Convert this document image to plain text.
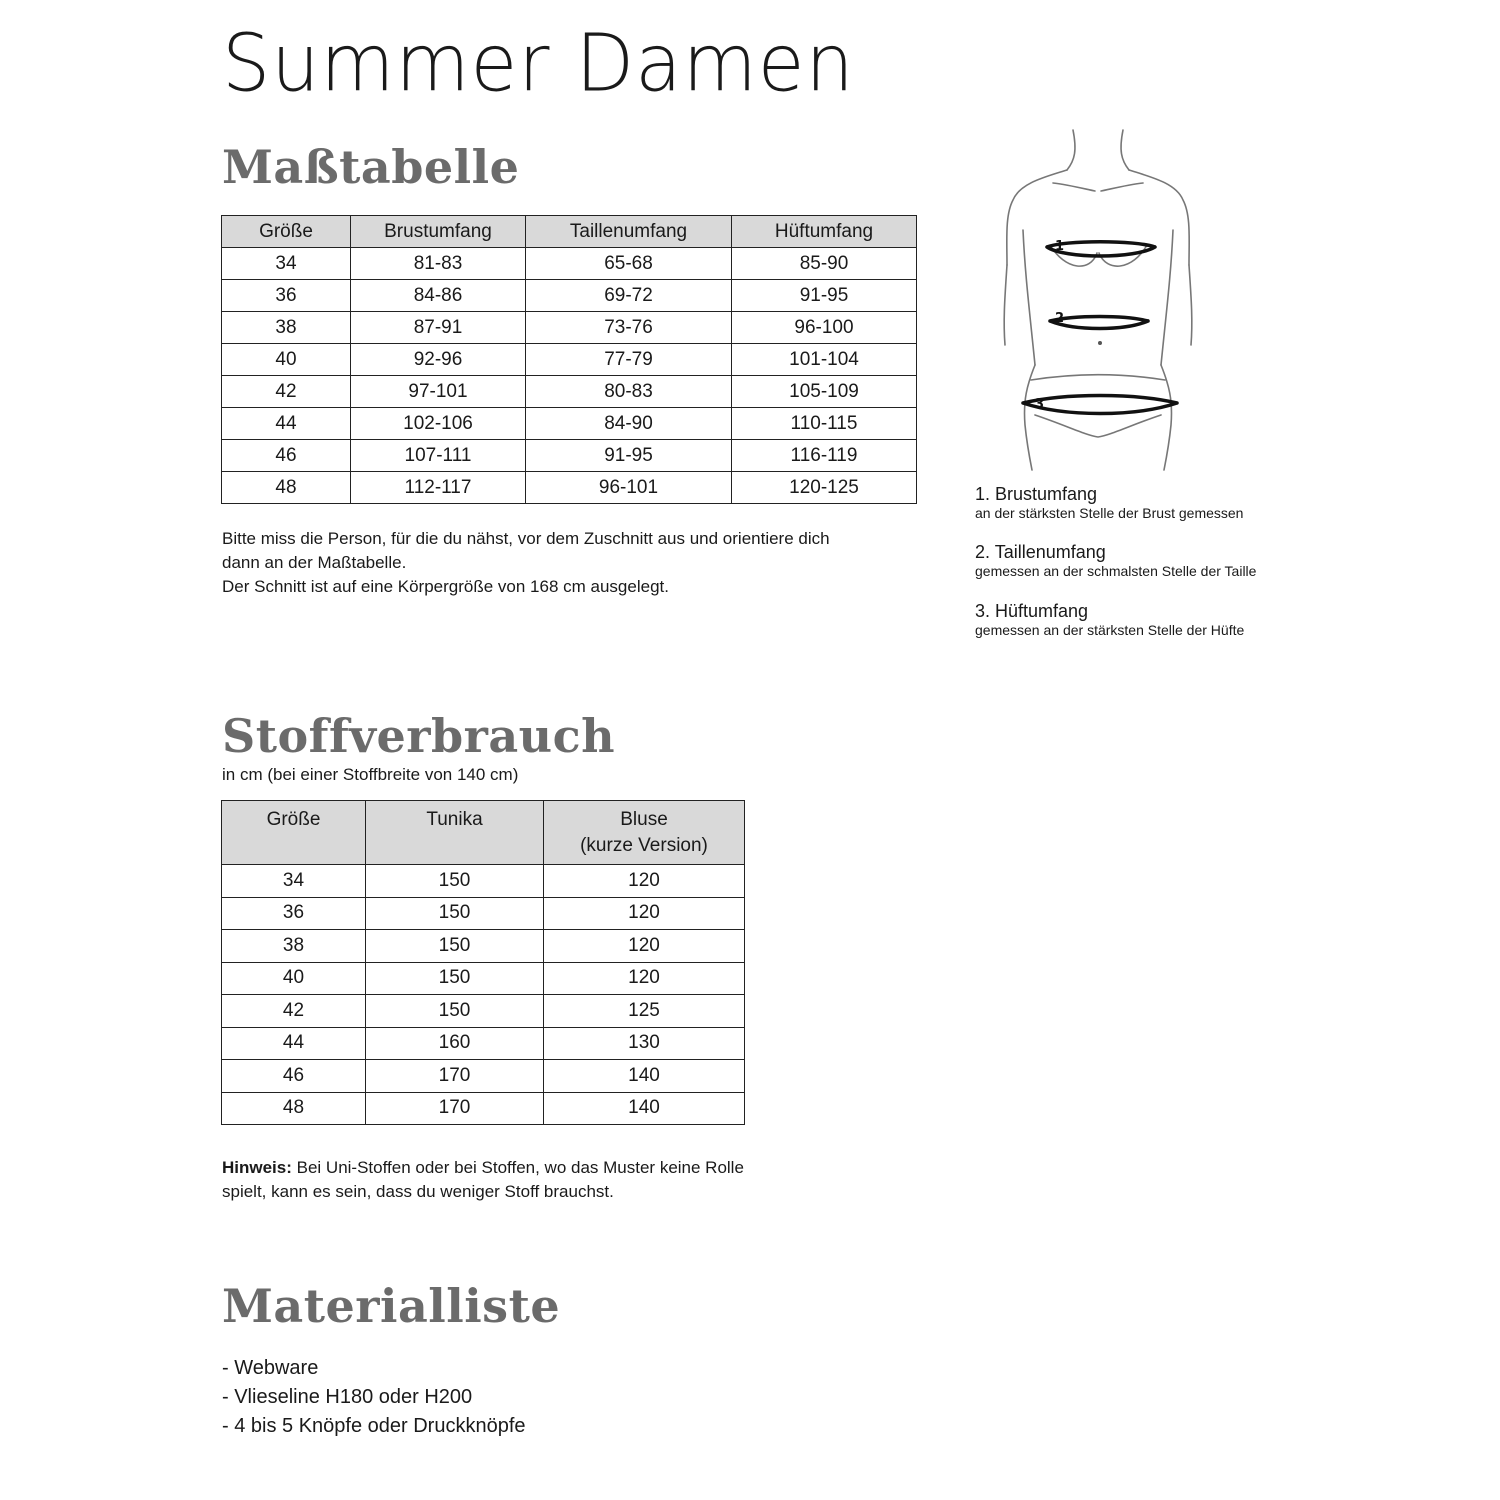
Summer Damen
Maßtabelle
Größe	Brustumfang	Taillenumfang	Hüftumfang
34	81-83	65-68	85-90
36	84-86	69-72	91-95
38	87-91	73-76	96-100
40	92-96	77-79	101-104
42	97-101	80-83	105-109
44	102-106	84-90	110-115
46	107-111	91-95	116-119
48	112-117	96-101	120-125
Bitte miss die Person, für die du nähst, vor dem Zuschnitt aus und orientiere dich
dann an der Maßtabelle.
Der Schnitt ist auf eine Körpergröße von 168 cm ausgelegt.
1
2
3
1. Brustumfang
an der stärksten Stelle der Brust gemessen
2. Taillenumfang
gemessen an der schmalsten Stelle der Taille
3. Hüftumfang
gemessen an der stärksten Stelle der Hüfte
Stoffverbrauch
in cm (bei einer Stoffbreite von 140 cm)
Größe	Tunika	Bluse
(kurze Version)
34	150	120
36	150	120
38	150	120
40	150	120
42	150	125
44	160	130
46	170	140
48	170	140
Hinweis: Bei Uni-Stoffen oder bei Stoffen, wo das Muster keine Rolle
spielt, kann es sein, dass du weniger Stoff brauchst.
Materialliste
- Webware
- Vlieseline H180 oder H200
- 4 bis 5 Knöpfe oder Druckknöpfe
